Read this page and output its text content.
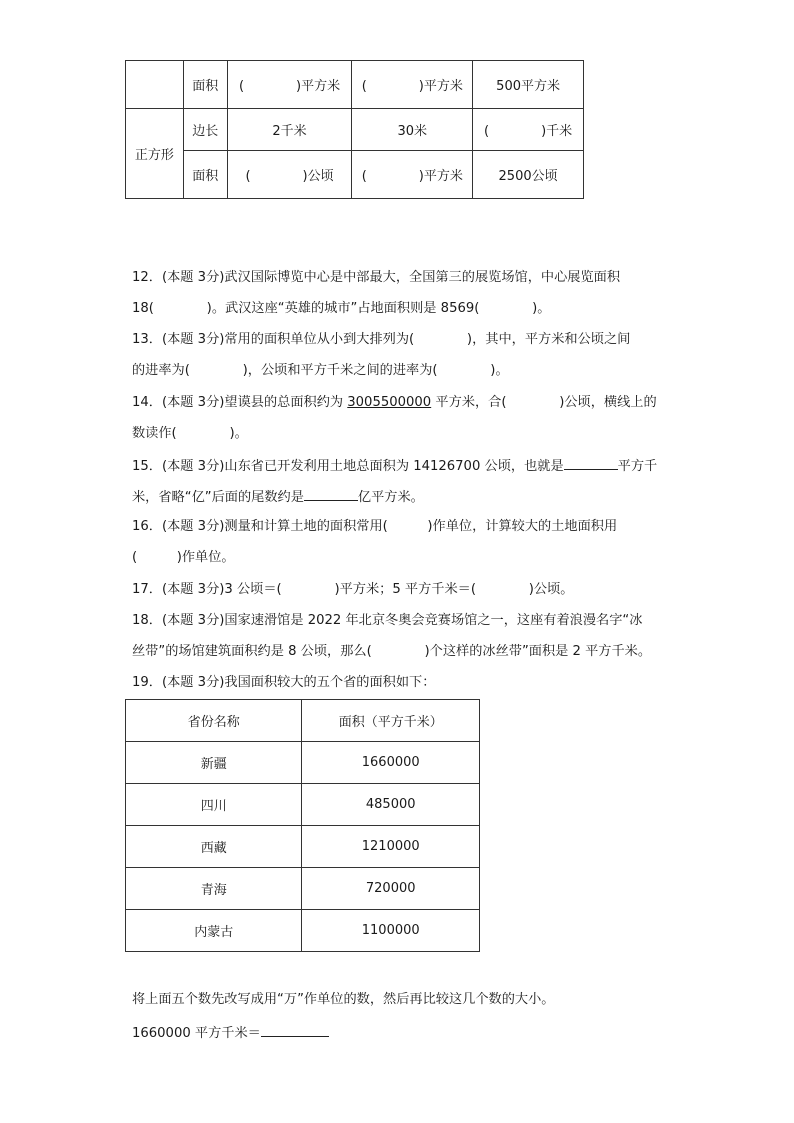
	面积	(　　　　)平方米	(　　　　)平方米	500平方米
正方形	边长	2千米	30米	(　　　　)千米
	面积	(　　　　)公顷	(　　　　)平方米	2500公顷
12．(本题 3分)武汉国际博览中心是中部最大，全国第三的展览场馆，中心展览面积
18(　　　　)。武汉这座“英雄的城市”占地面积则是 8569(　　　　)。
13．(本题 3分)常用的面积单位从小到大排列为(　　　　)，其中，平方米和公顷之间
的进率为(　　　　)，公顷和平方千米之间的进率为(　　　　)。
14．(本题 3分)望谟县的总面积约为 3005500000 平方米，合(　　　　)公顷，横线上的
数读作(　　　　)。
15．(本题 3分)山东省已开发利用土地总面积为 14126700 公顷，也就是	平方千
米，省略“亿”后面的尾数约是	亿平方米。
16．(本题 3分)测量和计算土地的面积常用(　　　)作单位，计算较大的土地面积用
(　　　)作单位。
17．(本题 3分)3 公顷＝(　　　　)平方米；5 平方千米＝(　　　　)公顷。
18．(本题 3分)国家速滑馆是 2022 年北京冬奥会竞赛场馆之一，这座有着浪漫名字“冰
丝带”的场馆建筑面积约是 8 公顷，那么(　　　　)个这样的冰丝带”面积是 2 平方千米。
19．(本题 3分)我国面积较大的五个省的面积如下：
省份名称	面积（平方千米）
新疆	1660000
四川	485000
西藏	1210000
青海	720000
内蒙古	1100000
将上面五个数先改写成用“万”作单位的数，然后再比较这几个数的大小。
1660000 平方千米＝
